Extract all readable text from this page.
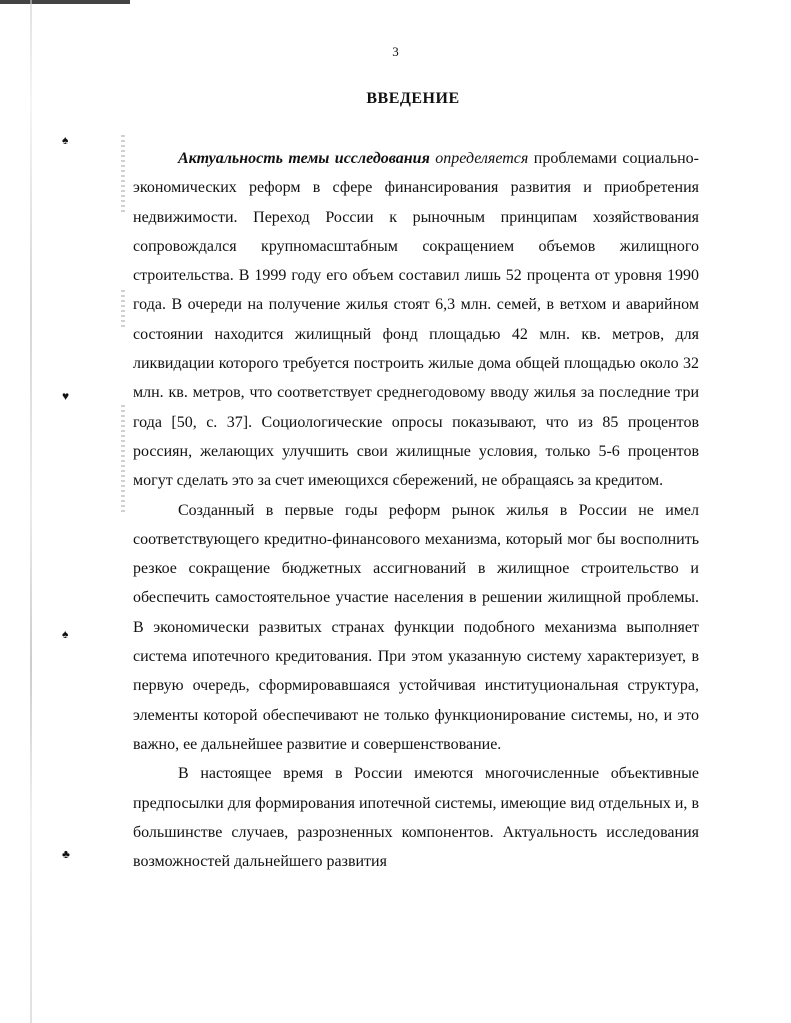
♠
♥
♠
♣
3
ВВЕДЕНИЕ

Актуальность темы исследования определяется проблемами социально-экономических реформ в сфере финансирования развития и приобретения недвижимости. Переход России к рыночным принципам хозяйствования сопровождался крупномасштабным сокращением объемов жилищного строительства. В 1999 году его объем составил лишь 52 процента от уровня 1990 года. В очереди на получение жилья стоят 6,3 млн. семей, в ветхом и аварийном состоянии находится жилищный фонд площадью 42 млн. кв. метров, для ликвидации которого требуется построить жилые дома общей площадью около 32 млн. кв. метров, что соответствует среднегодовому вводу жилья за последние три года [50, с. 37]. Социологические опросы показывают, что из 85 процентов россиян, желающих улучшить свои жилищные условия, только 5-6 процентов могут сделать это за счет имеющихся сбережений, не обращаясь за кредитом.

Созданный в первые годы реформ рынок жилья в России не имел соответствующего кредитно-финансового механизма, который мог бы восполнить резкое сокращение бюджетных ассигнований в жилищное строительство и обеспечить самостоятельное участие населения в решении жилищной проблемы. В экономически развитых странах функции подобного механизма выполняет система ипотечного кредитования. При этом указанную систему характеризует, в первую очередь, сформировавшаяся устойчивая институциональная структура, элементы которой обеспечивают не только функционирование системы, но, и это важно, ее дальнейшее развитие и совершенствование.

В настоящее время в России имеются многочисленные объективные предпосылки для формирования ипотечной системы, имеющие вид отдельных и, в большинстве случаев, разрозненных компонентов. Актуальность исследования возможностей дальнейшего развития
